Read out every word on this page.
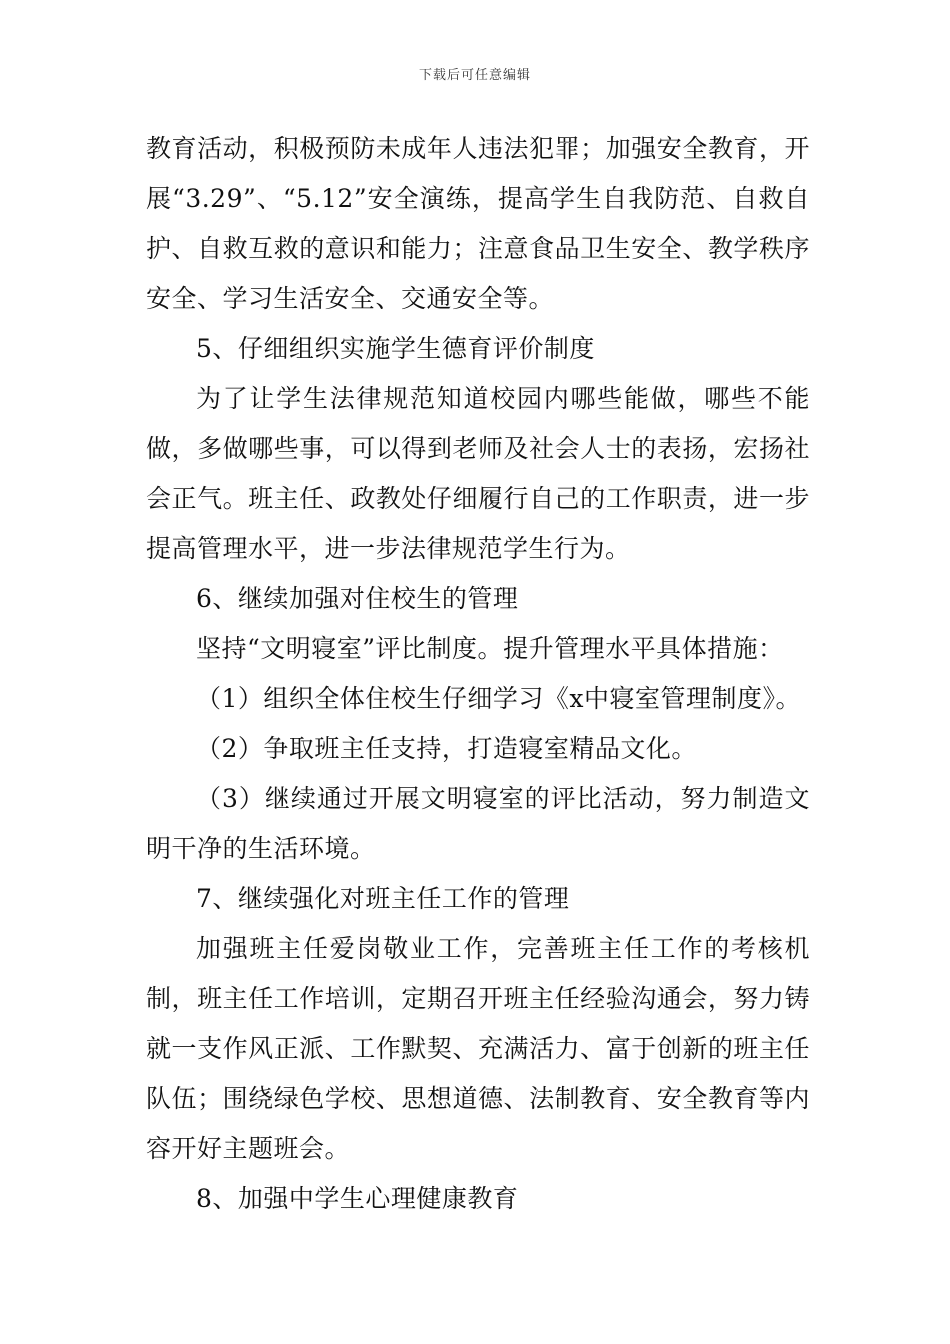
下载后可任意编辑

教育活动，积极预防未成年人违法犯罪；加强安全教育，开展“3.29”、“5.12”安全演练，提高学生自我防范、自救自护、自救互救的意识和能力；注意食品卫生安全、教学秩序安全、学习生活安全、交通安全等。

5、仔细组织实施学生德育评价制度

为了让学生法律规范知道校园内哪些能做，哪些不能做，多做哪些事，可以得到老师及社会人士的表扬，宏扬社会正气。班主任、政教处仔细履行自己的工作职责，进一步提高管理水平，进一步法律规范学生行为。

6、继续加强对住校生的管理

坚持“文明寝室”评比制度。提升管理水平具体措施：

（1）组织全体住校生仔细学习《x中寝室管理制度》。

（2）争取班主任支持，打造寝室精品文化。

（3）继续通过开展文明寝室的评比活动，努力制造文明干净的生活环境。

7、继续强化对班主任工作的管理

加强班主任爱岗敬业工作，完善班主任工作的考核机制，班主任工作培训，定期召开班主任经验沟通会，努力铸就一支作风正派、工作默契、充满活力、富于创新的班主任队伍；围绕绿色学校、思想道德、法制教育、安全教育等内容开好主题班会。

8、加强中学生心理健康教育
